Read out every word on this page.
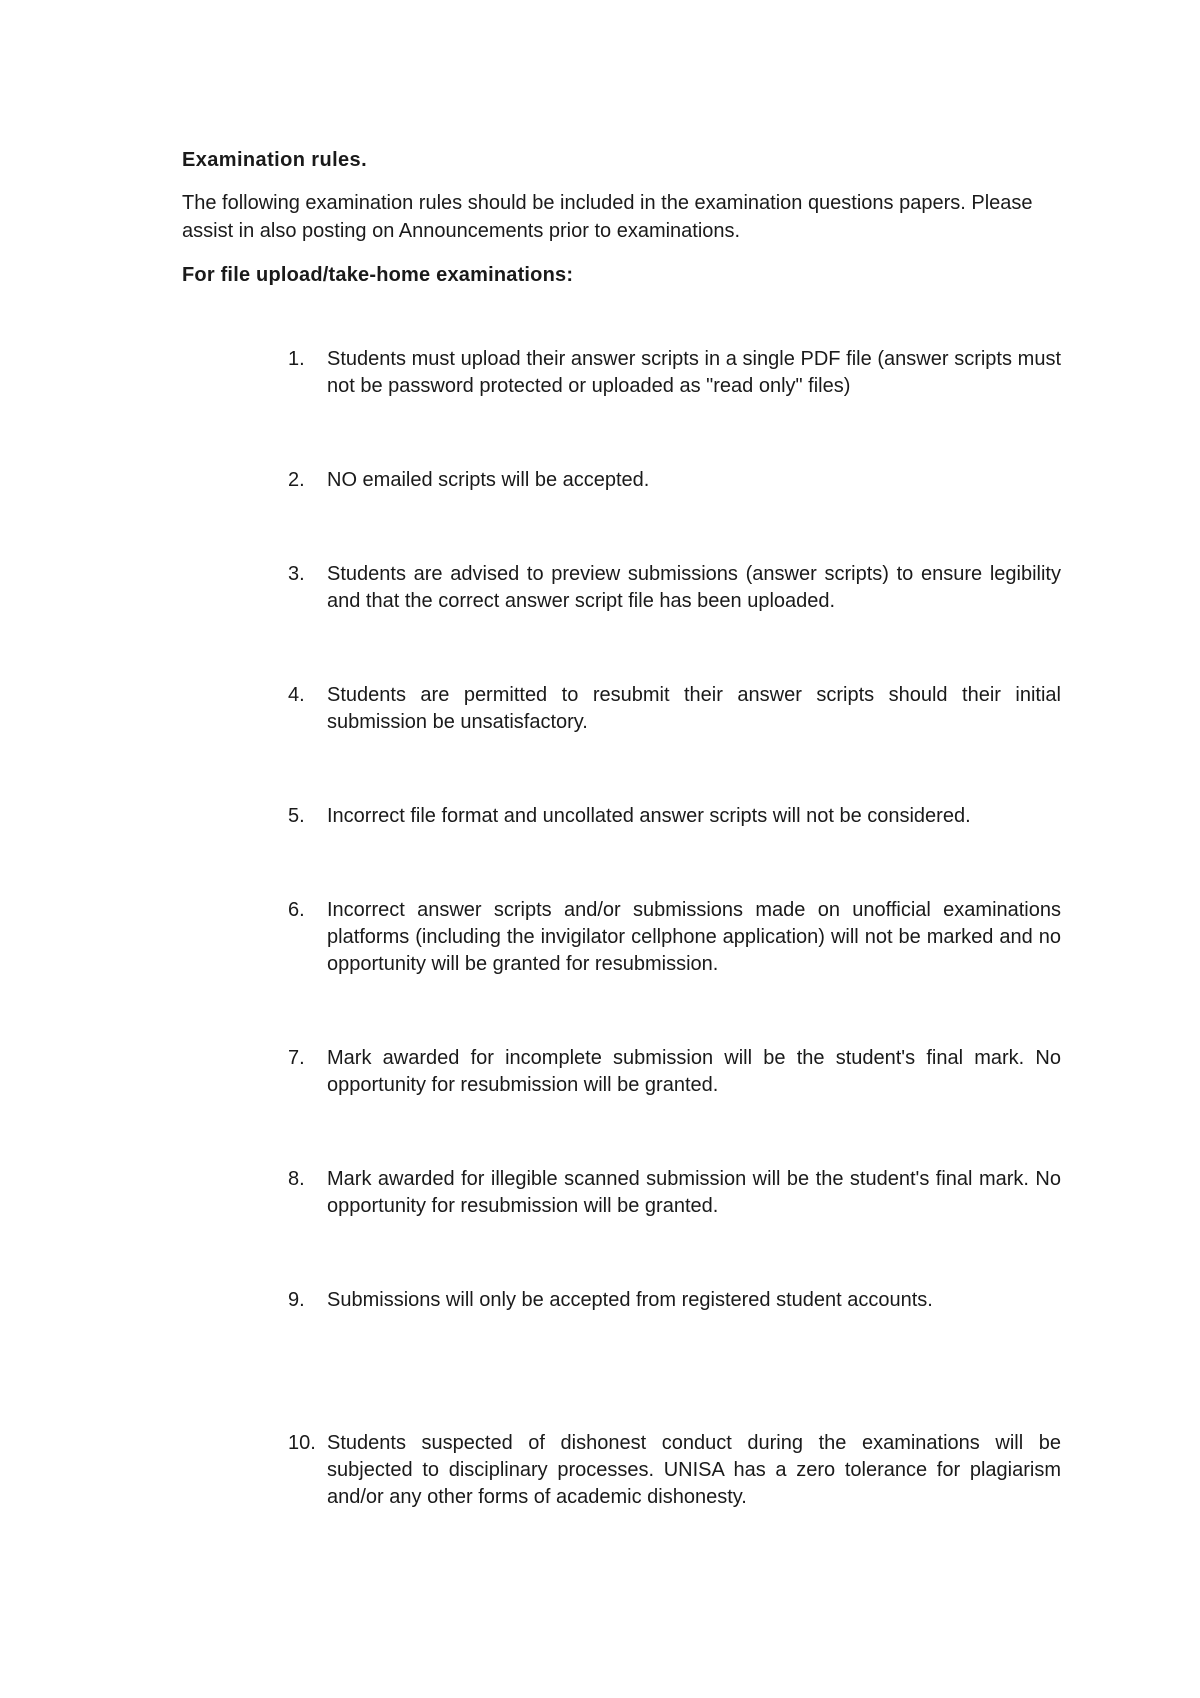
Examination rules.

The following examination rules should be included in the examination questions papers. Please assist in also posting on Announcements prior to examinations.

For file upload/take-home examinations:
1.	Students must upload their answer scripts in a single PDF file (answer scripts must not be password protected or uploaded as "read only" files)
2.	NO emailed scripts will be accepted.
3.	Students are advised to preview submissions (answer scripts) to ensure legibility and that the correct answer script file has been uploaded.
4.	Students are permitted to resubmit their answer scripts should their initial submission be unsatisfactory.
5.	Incorrect file format and uncollated answer scripts will not be considered.
6.	Incorrect answer scripts and/or submissions made on unofficial examinations platforms (including the invigilator cellphone application) will not be marked and no opportunity will be granted for resubmission.
7.	Mark awarded for incomplete submission will be the student's final mark. No opportunity for resubmission will be granted.
8.	Mark awarded for illegible scanned submission will be the student's final mark. No opportunity for resubmission will be granted.
9.	Submissions will only be accepted from registered student accounts.
10. Students suspected of dishonest conduct during the examinations will be subjected to disciplinary processes. UNISA has a zero tolerance for plagiarism and/or any other forms of academic dishonesty.
